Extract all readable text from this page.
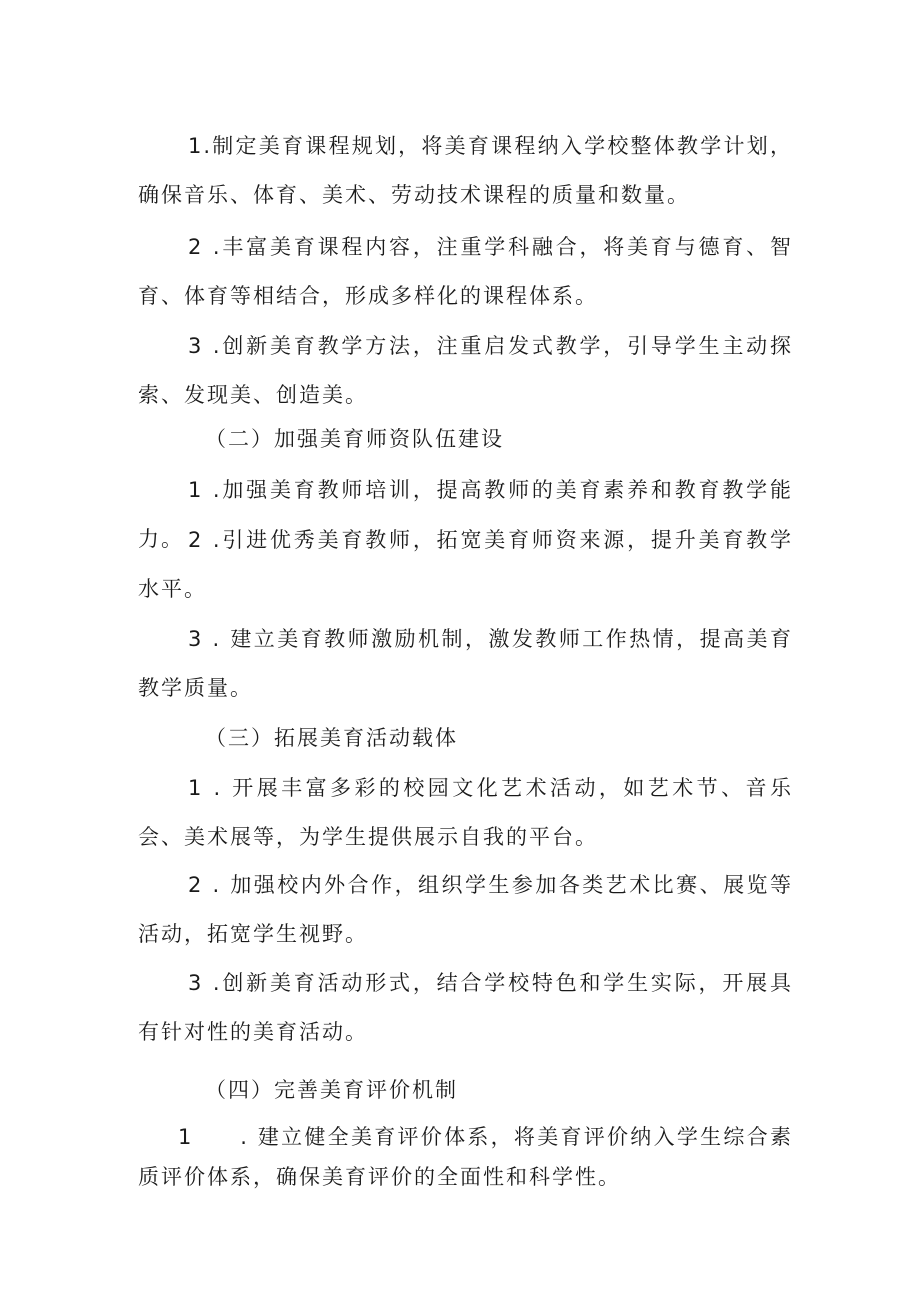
1.制定美育课程规划，将美育课程纳入学校整体教学计划，确保音乐、体育、美术、劳动技术课程的质量和数量。

2 .丰富美育课程内容，注重学科融合，将美育与德育、智育、体育等相结合，形成多样化的课程体系。

3 .创新美育教学方法，注重启发式教学，引导学生主动探索、发现美、创造美。

（二）加强美育师资队伍建设

1 .加强美育教师培训，提高教师的美育素养和教育教学能力。 2 .引进优秀美育教师，拓宽美育师资来源，提升美育教学水平。

3 . 建立美育教师激励机制，激发教师工作热情，提高美育教学质量。

（三）拓展美育活动载体

1 . 开展丰富多彩的校园文化艺术活动，如艺术节、音乐会、美术展等，为学生提供展示自我的平台。

2 . 加强校内外合作，组织学生参加各类艺术比赛、展览等活动，拓宽学生视野。

3 .创新美育活动形式，结合学校特色和学生实际，开展具有针对性的美育活动。

（四）完善美育评价机制

1　　. 建立健全美育评价体系，将美育评价纳入学生综合素质评价体系，确保美育评价的全面性和科学性。
